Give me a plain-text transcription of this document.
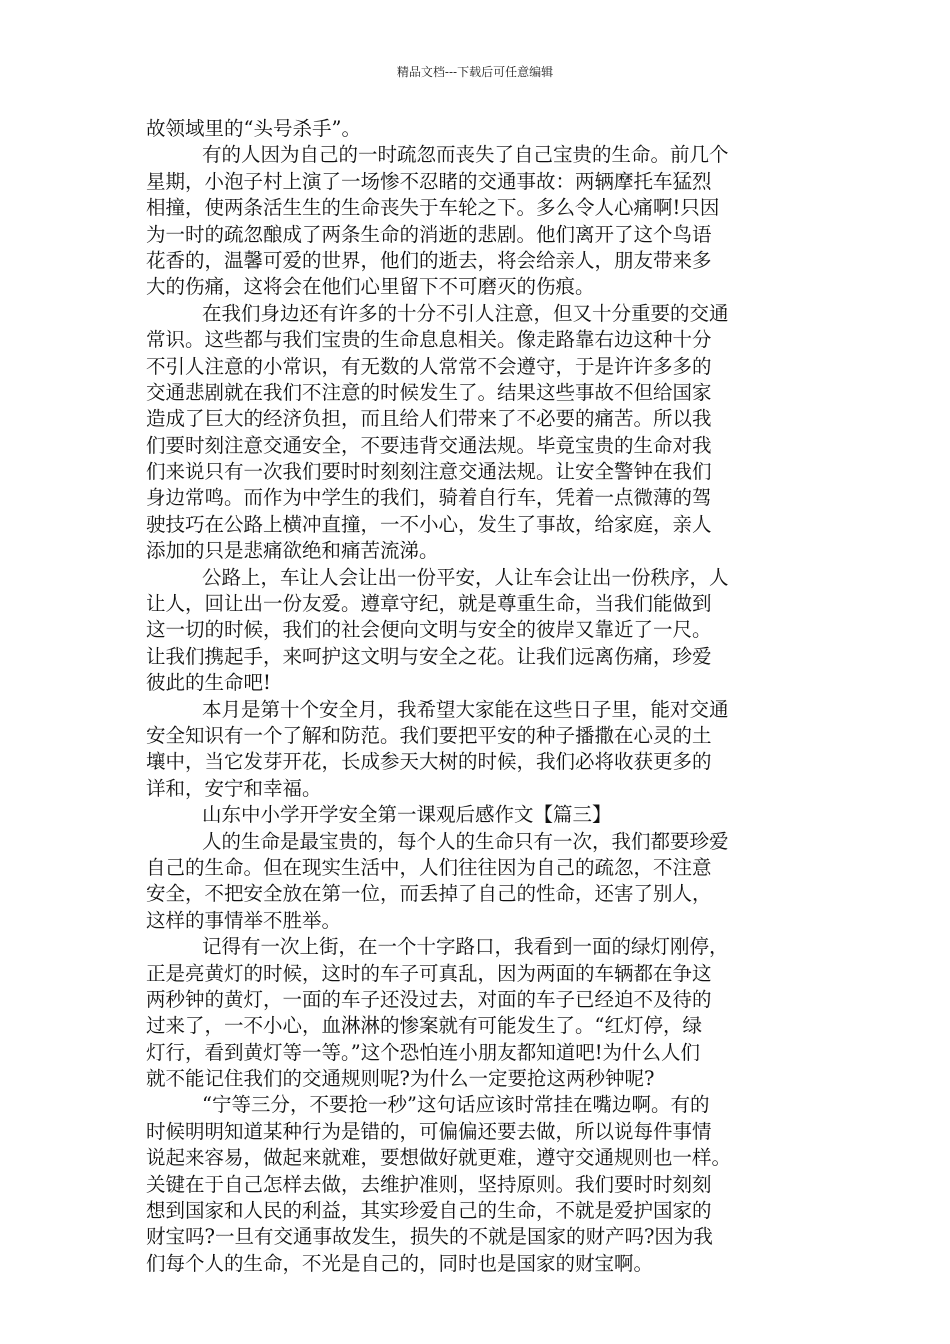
精品文档---下载后可任意编辑
故领域里的“头号杀手”。
有的人因为自己的一时疏忽而丧失了自己宝贵的生命。前几个
星期，小泡子村上演了一场惨不忍睹的交通事故：两辆摩托车猛烈
相撞，使两条活生生的生命丧失于车轮之下。多么令人心痛啊!只因
为一时的疏忽酿成了两条生命的消逝的悲剧。他们离开了这个鸟语
花香的，温馨可爱的世界，他们的逝去，将会给亲人，朋友带来多
大的伤痛，这将会在他们心里留下不可磨灭的伤痕。
在我们身边还有许多的十分不引人注意，但又十分重要的交通
常识。这些都与我们宝贵的生命息息相关。像走路靠右边这种十分
不引人注意的小常识，有无数的人常常不会遵守，于是许许多多的
交通悲剧就在我们不注意的时候发生了。结果这些事故不但给国家
造成了巨大的经济负担，而且给人们带来了不必要的痛苦。所以我
们要时刻注意交通安全，不要违背交通法规。毕竟宝贵的生命对我
们来说只有一次我们要时时刻刻注意交通法规。让安全警钟在我们
身边常鸣。而作为中学生的我们，骑着自行车，凭着一点微薄的驾
驶技巧在公路上横冲直撞，一不小心，发生了事故，给家庭，亲人
添加的只是悲痛欲绝和痛苦流涕。
公路上，车让人会让出一份平安，人让车会让出一份秩序，人
让人，回让出一份友爱。遵章守纪，就是尊重生命，当我们能做到
这一切的时候，我们的社会便向文明与安全的彼岸又靠近了一尺。
让我们携起手，来呵护这文明与安全之花。让我们远离伤痛，珍爱
彼此的生命吧!
本月是第十个安全月，我希望大家能在这些日子里，能对交通
安全知识有一个了解和防范。我们要把平安的种子播撒在心灵的土
壤中，当它发芽开花，长成参天大树的时候，我们必将收获更多的
详和，安宁和幸福。
山东中小学开学安全第一课观后感作文【篇三】
人的生命是最宝贵的，每个人的生命只有一次，我们都要珍爱
自己的生命。但在现实生活中，人们往往因为自己的疏忽，不注意
安全，不把安全放在第一位，而丢掉了自己的性命，还害了别人，
这样的事情举不胜举。
记得有一次上街，在一个十字路口，我看到一面的绿灯刚停，
正是亮黄灯的时候，这时的车子可真乱，因为两面的车辆都在争这
两秒钟的黄灯，一面的车子还没过去，对面的车子已经迫不及待的
过来了，一不小心，血淋淋的惨案就有可能发生了。“红灯停，绿
灯行，看到黄灯等一等。”这个恐怕连小朋友都知道吧!为什么人们
就不能记住我们的交通规则呢?为什么一定要抢这两秒钟呢?
“宁等三分，不要抢一秒”这句话应该时常挂在嘴边啊。有的
时候明明知道某种行为是错的，可偏偏还要去做，所以说每件事情
说起来容易，做起来就难，要想做好就更难，遵守交通规则也一样。
关键在于自己怎样去做，去维护准则，坚持原则。我们要时时刻刻
想到国家和人民的利益，其实珍爱自己的生命，不就是爱护国家的
财宝吗?一旦有交通事故发生，损失的不就是国家的财产吗?因为我
们每个人的生命，不光是自己的，同时也是国家的财宝啊。
